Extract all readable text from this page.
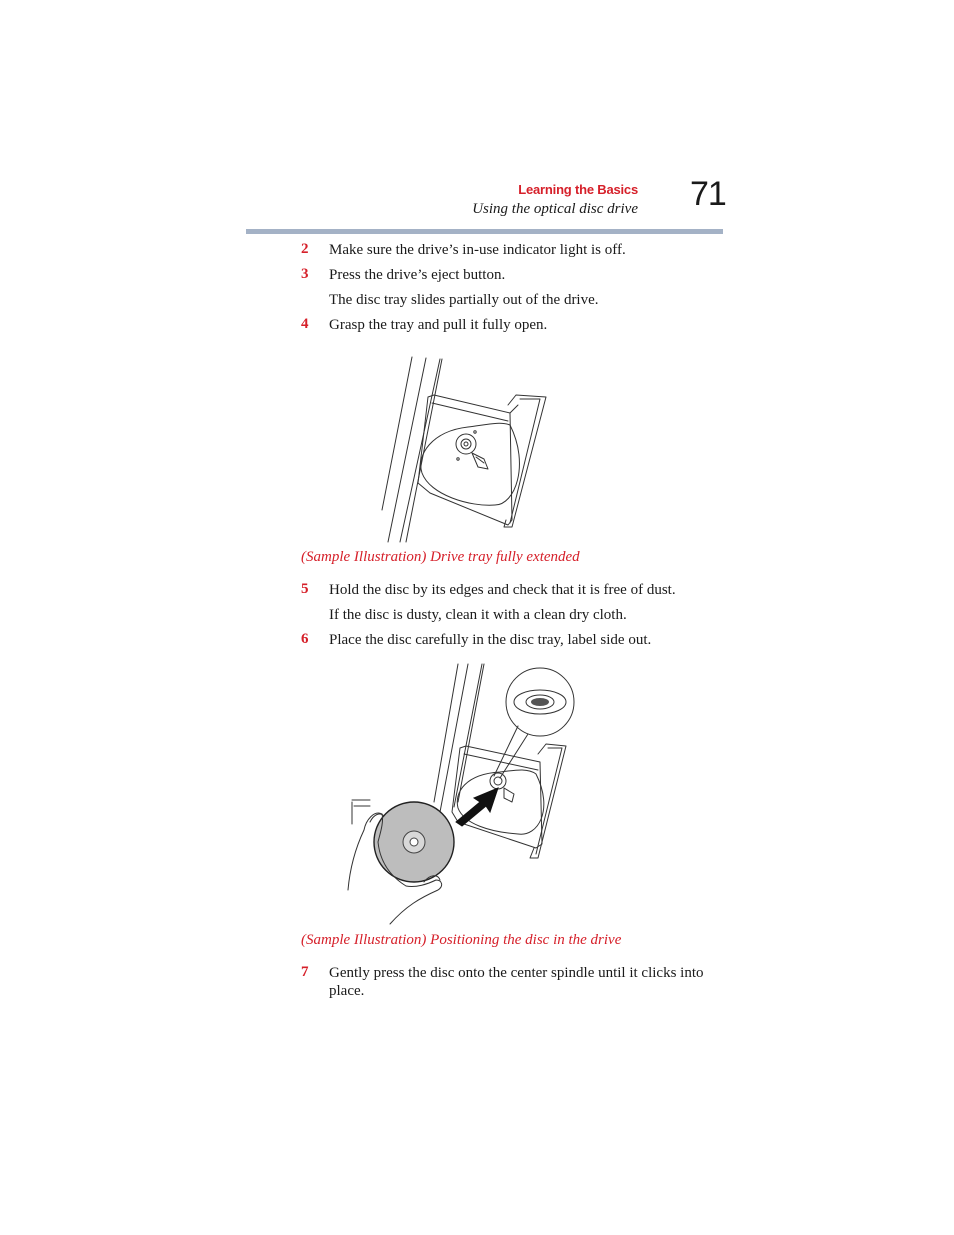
Learning the Basics
Using the optical disc drive 71
2 Make sure the drive’s in-use indicator light is off.
3 Press the drive’s eject button.
The disc tray slides partially out of the drive.
4 Grasp the tray and pull it fully open.
(Sample Illustration) Drive tray fully extended
5 Hold the disc by its edges and check that it is free of dust.
If the disc is dusty, clean it with a clean dry cloth.
6 Place the disc carefully in the disc tray, label side out.
(Sample Illustration) Positioning the disc in the drive
7 Gently press the disc onto the center spindle until it clicks into place.
